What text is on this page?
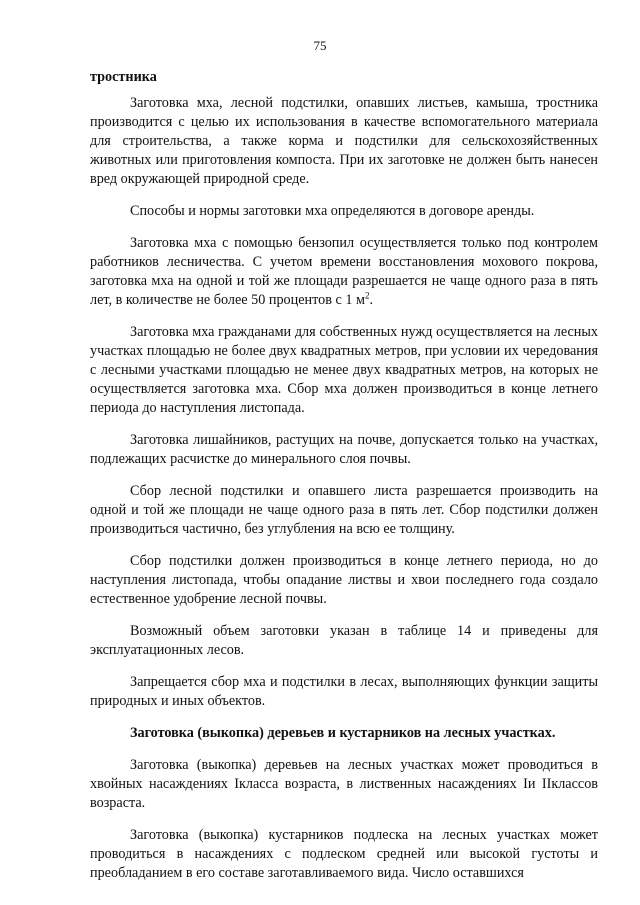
75
тростника

Заготовка мха, лесной подстилки, опавших листьев, камыша, тростника производится с целью их использования в качестве вспомогательного материала для строительства, а также корма и подстилки для сельскохозяйственных животных или приготовления компоста. При их заготовке не должен быть нанесен вред окружающей природной среде.

Способы и нормы заготовки мха определяются в договоре аренды.

Заготовка мха с помощью бензопил осуществляется только под контролем работников лесничества. С учетом времени восстановления мохового покрова, заготовка мха на одной и той же площади разрешается не чаще одного раза в пять лет, в количестве не более 50 процентов с 1 $м^2$.

Заготовка мха гражданами для собственных нужд осуществляется на лесных участках площадью не более двух квадратных метров, при условии их чередования с лесными участками площадью не менее двух квадратных метров, на которых не осуществляется заготовка мха. Сбор мха должен производиться в конце летнего периода до наступления листопада.

Заготовка лишайников, растущих на почве, допускается только на участках, подлежащих расчистке до минерального слоя почвы.

Сбор лесной подстилки и опавшего листа разрешается производить на одной и той же площади не чаще одного раза в пять лет. Сбор подстилки должен производиться частично, без углубления на всю ее толщину.

Сбор подстилки должен производиться в конце летнего периода, но до наступления листопада, чтобы опадание листвы и хвои последнего года создало естественное удобрение лесной почвы.

Возможный объем заготовки указан в таблице 14 и приведены для эксплуатационных лесов.

Запрещается сбор мха и подстилки в лесах, выполняющих функции защиты природных и иных объектов.

Заготовка (выкопка) деревьев и кустарников на лесных участках.

Заготовка (выкопка) деревьев на лесных участках может проводиться в хвойных насаждениях Iкласса возраста, в лиственных насаждениях Iи IIклассов возраста.

Заготовка (выкопка) кустарников подлеска на лесных участках может проводиться в насаждениях с подлеском средней или высокой густоты и преобладанием в его составе заготавливаемого вида. Число оставшихся
